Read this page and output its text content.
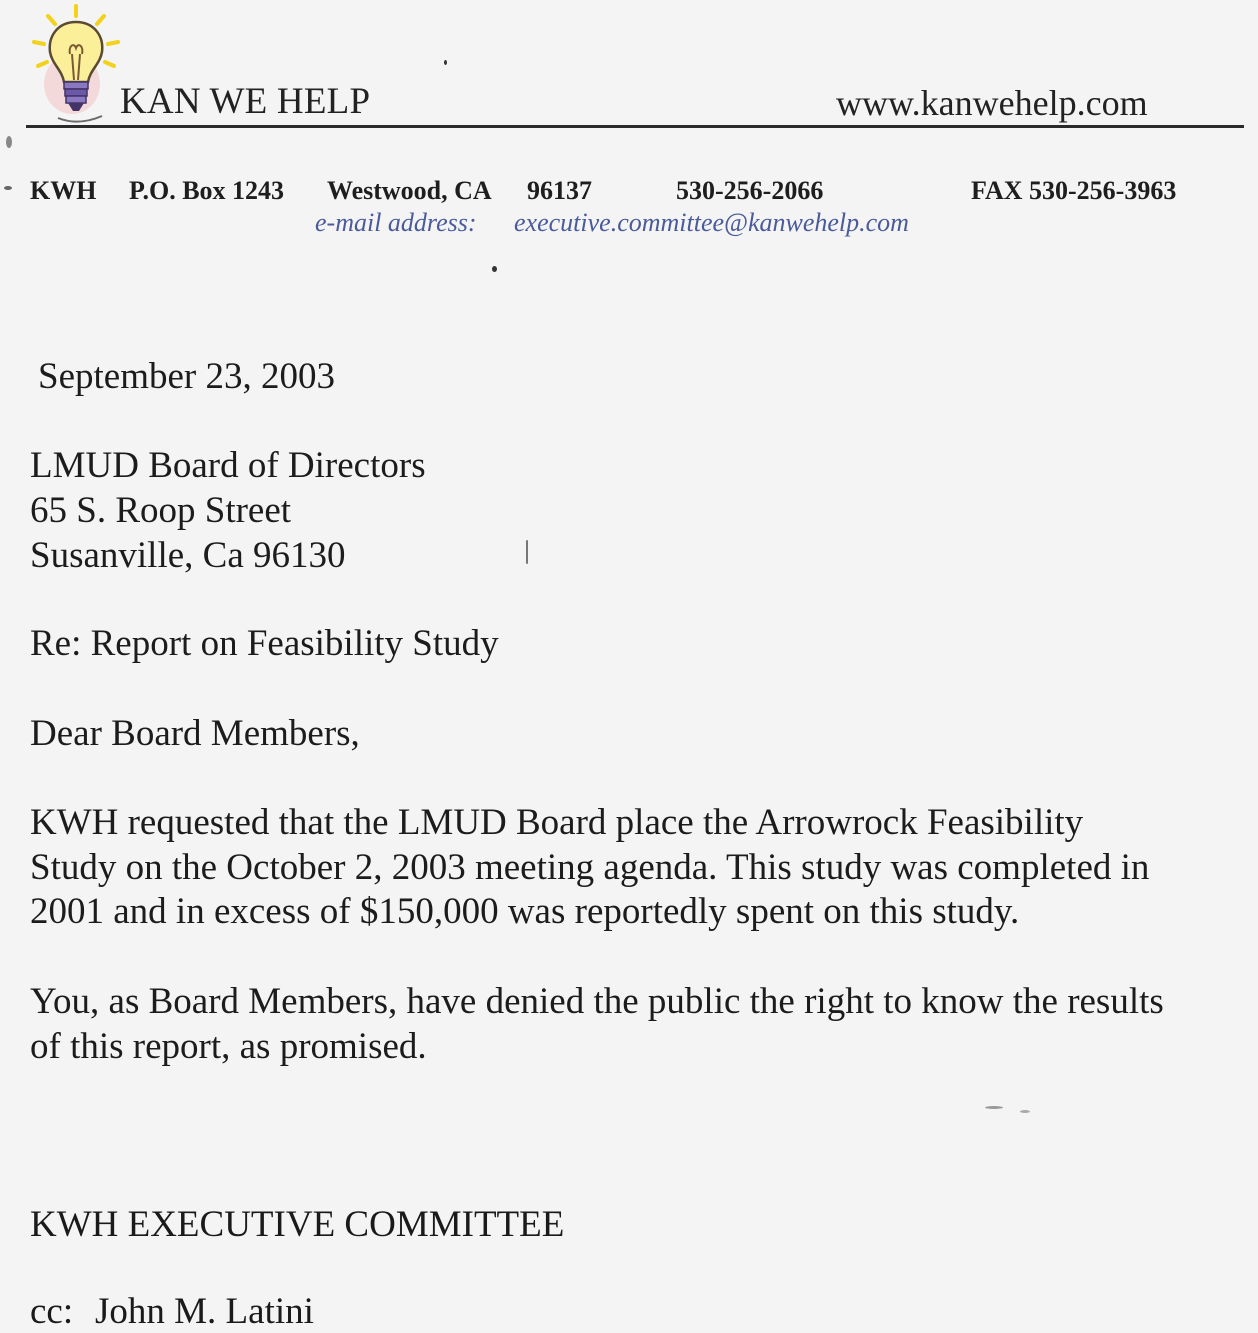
KAN WE HELP	www.kanwehelp.com
KWH P.O. Box 1243 Westwood, CA 96137	530-256-2066	FAX 530-256-3963
e-mail address: executive.committee@kanwehelp.com
September 23, 2003
LMUD Board of Directors
65 S. Roop Street
Susanville, Ca 96130
Re: Report on Feasibility Study
Dear Board Members,
KWH requested that the LMUD Board place the Arrowrock Feasibility
Study on the October 2, 2003 meeting agenda. This study was completed in
2001 and in excess of $150,000 was reportedly spent on this study.
You, as Board Members, have denied the public the right to know the results
of this report, as promised.
KWH EXECUTIVE COMMITTEE
cc: John M. Latini
